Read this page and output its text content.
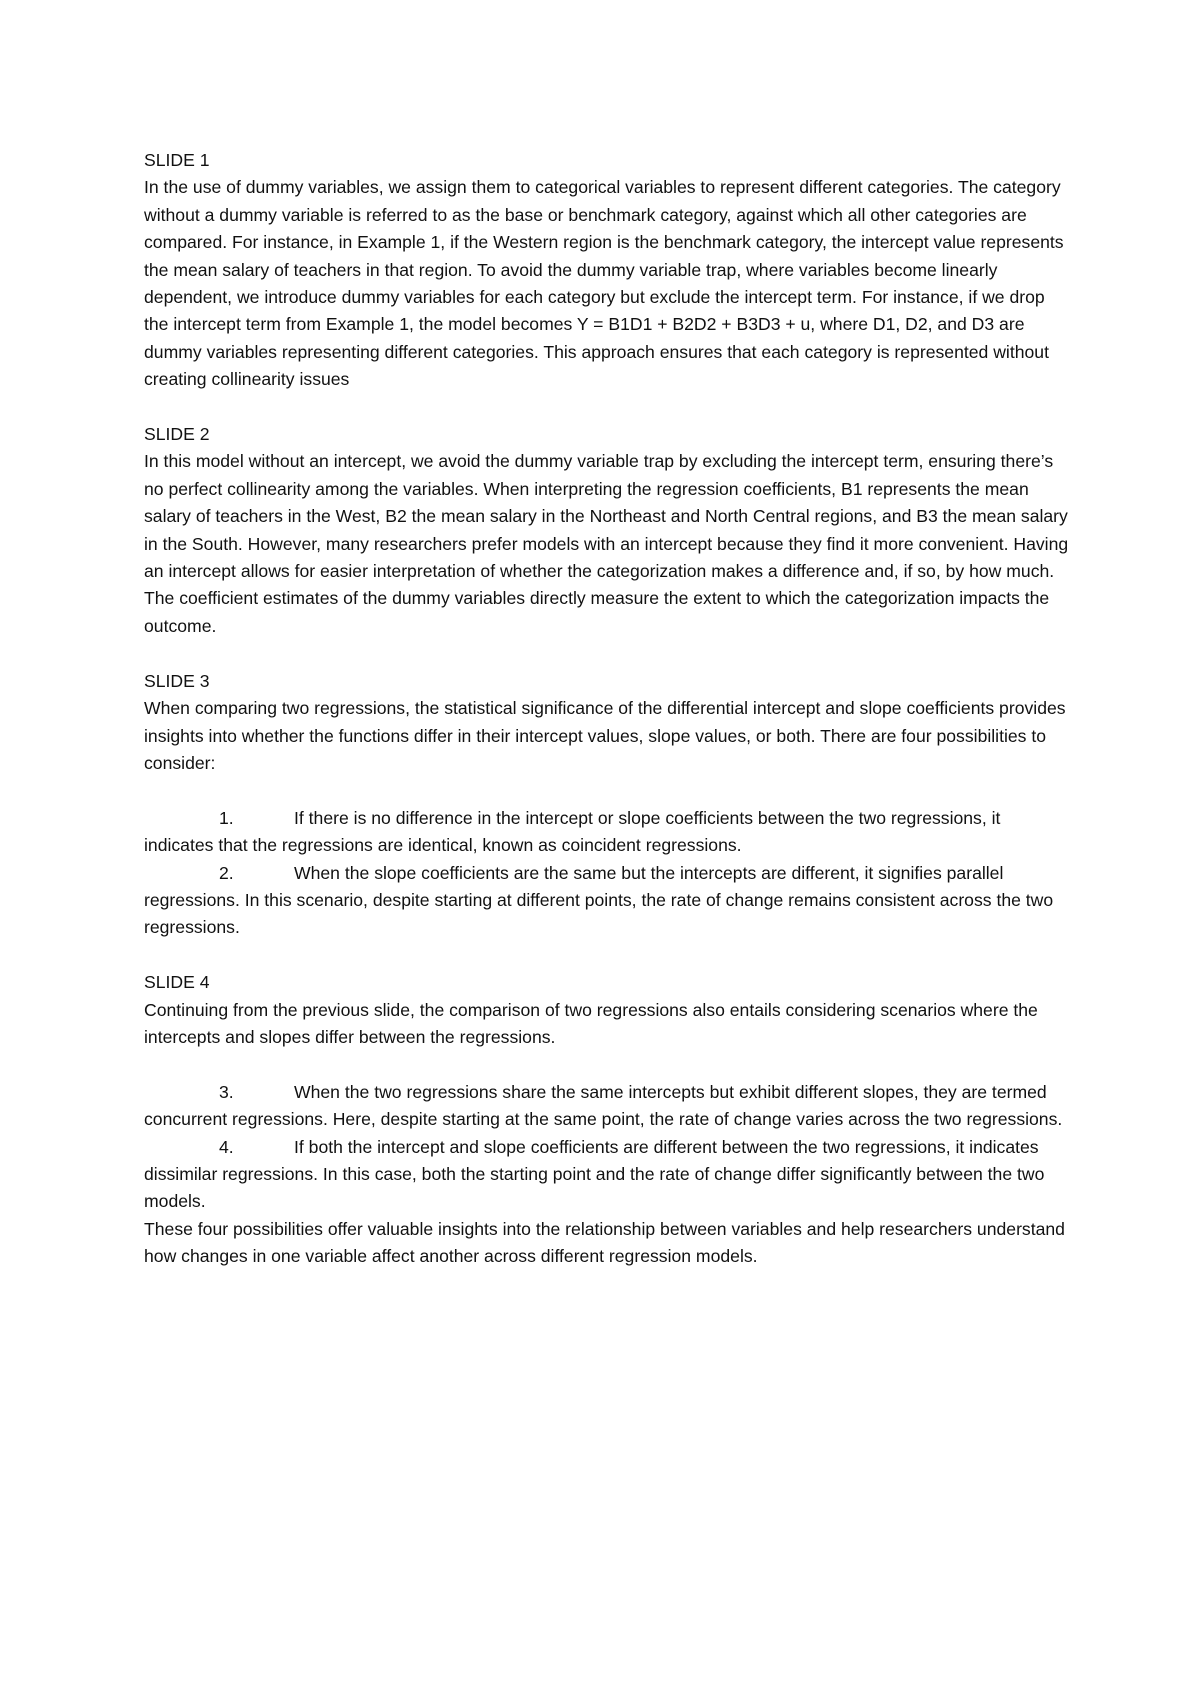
SLIDE 1

In the use of dummy variables, we assign them to categorical variables to represent different categories. The category without a dummy variable is referred to as the base or benchmark category, against which all other categories are compared. For instance, in Example 1, if the Western region is the benchmark category, the intercept value represents the mean salary of teachers in that region. To avoid the dummy variable trap, where variables become linearly dependent, we introduce dummy variables for each category but exclude the intercept term. For instance, if we drop the intercept term from Example 1, the model becomes Y = B1D1 + B2D2 + B3D3 + u, where D1, D2, and D3 are dummy variables representing different categories. This approach ensures that each category is represented without creating collinearity issues

SLIDE 2

In this model without an intercept, we avoid the dummy variable trap by excluding the intercept term, ensuring there’s no perfect collinearity among the variables. When interpreting the regression coefficients, B1 represents the mean salary of teachers in the West, B2 the mean salary in the Northeast and North Central regions, and B3 the mean salary in the South. However, many researchers prefer models with an intercept because they find it more convenient. Having an intercept allows for easier interpretation of whether the categorization makes a difference and, if so, by how much. The coefficient estimates of the dummy variables directly measure the extent to which the categorization impacts the outcome.

SLIDE 3

When comparing two regressions, the statistical significance of the differential intercept and slope coefficients provides insights into whether the functions differ in their intercept values, slope values, or both. There are four possibilities to consider:

1.	If there is no difference in the intercept or slope coefficients between the two regressions, it indicates that the regressions are identical, known as coincident regressions.
2.	When the slope coefficients are the same but the intercepts are different, it signifies parallel regressions. In this scenario, despite starting at different points, the rate of change remains consistent across the two regressions.
SLIDE 4

Continuing from the previous slide, the comparison of two regressions also entails considering scenarios where the intercepts and slopes differ between the regressions.

3.	When the two regressions share the same intercepts but exhibit different slopes, they are termed concurrent regressions. Here, despite starting at the same point, the rate of change varies across the two regressions.
4.	If both the intercept and slope coefficients are different between the two regressions, it indicates dissimilar regressions. In this case, both the starting point and the rate of change differ significantly between the two models.

These four possibilities offer valuable insights into the relationship between variables and help researchers understand how changes in one variable affect another across different regression models.
